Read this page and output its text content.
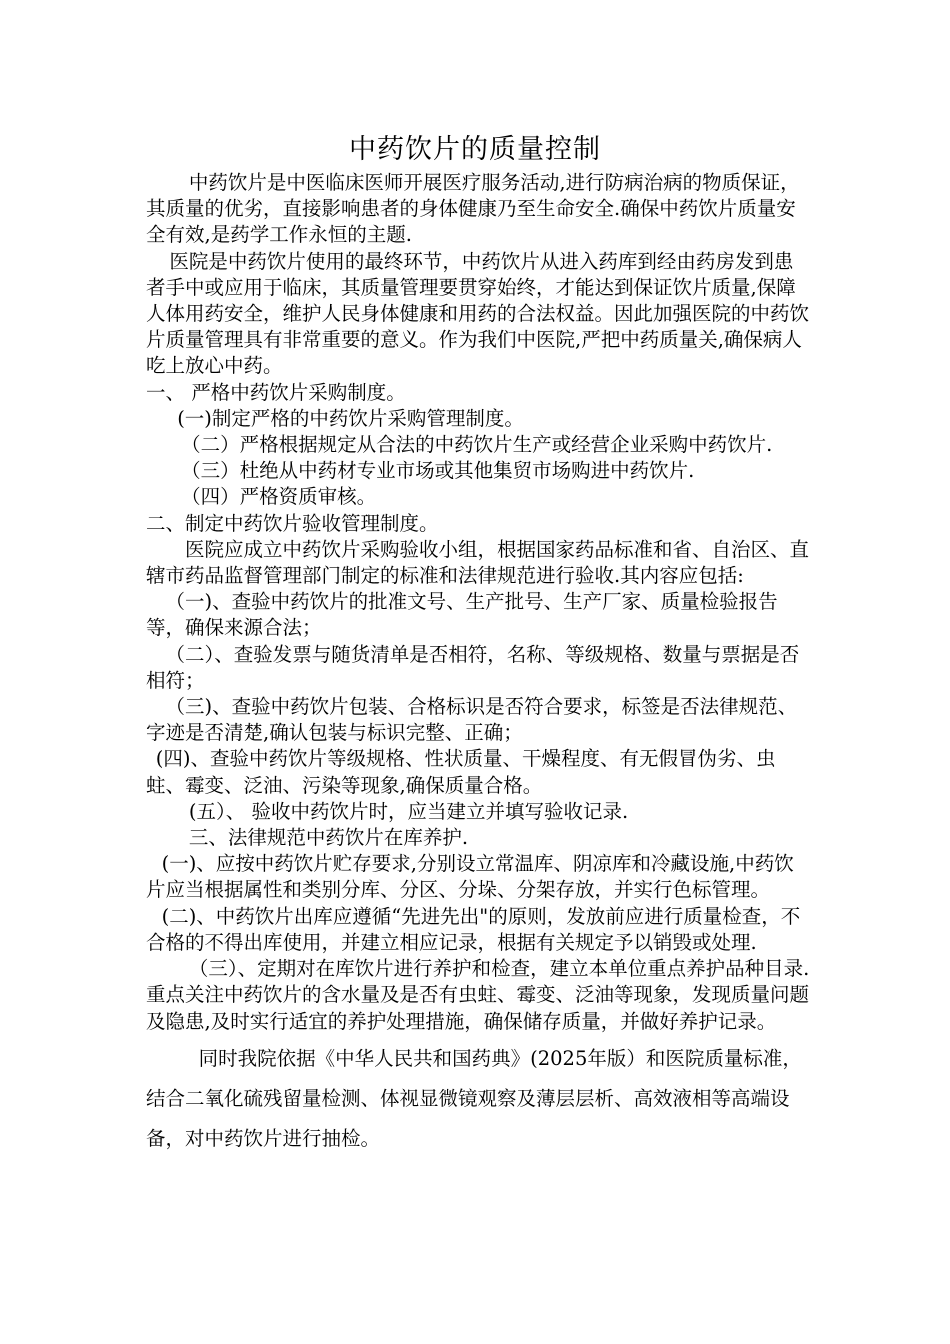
中药饮片的质量控制

中药饮片是中医临床医师开展医疗服务活动,进行防病治病的物质保证，其质量的优劣，直接影响患者的身体健康乃至生命安全.确保中药饮片质量安全有效,是药学工作永恒的主题.

医院是中药饮片使用的最终环节，中药饮片从进入药库到经由药房发到患者手中或应用于临床，其质量管理要贯穿始终，才能达到保证饮片质量,保障人体用药安全，维护人民身体健康和用药的合法权益。因此加强医院的中药饮片质量管理具有非常重要的意义。作为我们中医院,严把中药质量关,确保病人吃上放心中药。

一、 严格中药饮片采购制度。

(一)制定严格的中药饮片采购管理制度。

（二）严格根据规定从合法的中药饮片生产或经营企业采购中药饮片.

（三）杜绝从中药材专业市场或其他集贸市场购进中药饮片.

（四）严格资质审核。

二、制定中药饮片验收管理制度。

医院应成立中药饮片采购验收小组，根据国家药品标准和省、自治区、直辖市药品监督管理部门制定的标准和法律规范进行验收.其内容应包括:

（一)、查验中药饮片的批准文号、生产批号、生产厂家、质量检验报告等，确保来源合法；

（二）、查验发票与随货清单是否相符，名称、等级规格、数量与票据是否相符；

（三)、查验中药饮片包装、合格标识是否符合要求，标签是否法律规范、字迹是否清楚,确认包装与标识完整、正确；

(四)、查验中药饮片等级规格、性状质量、干燥程度、有无假冒伪劣、虫蛀、霉变、泛油、污染等现象,确保质量合格。

(五）、 验收中药饮片时，应当建立并填写验收记录.

三、法律规范中药饮片在库养护.

(一)、应按中药饮片贮存要求,分别设立常温库、阴凉库和冷藏设施,中药饮片应当根据属性和类别分库、分区、分垛、分架存放，并实行色标管理。

(二)、中药饮片出库应遵循“先进先出"的原则，发放前应进行质量检查，不合格的不得出库使用，并建立相应记录，根据有关规定予以销毁或处理.

（三）、定期对在库饮片进行养护和检查，建立本单位重点养护品种目录.重点关注中药饮片的含水量及是否有虫蛀、霉变、泛油等现象，发现质量问题及隐患,及时实行适宜的养护处理措施，确保储存质量，并做好养护记录。

同时我院依据《中华人民共和国药典》(2025年版）和医院质量标准，结合二氧化硫残留量检测、体视显微镜观察及薄层层析、高效液相等高端设备，对中药饮片进行抽检。
